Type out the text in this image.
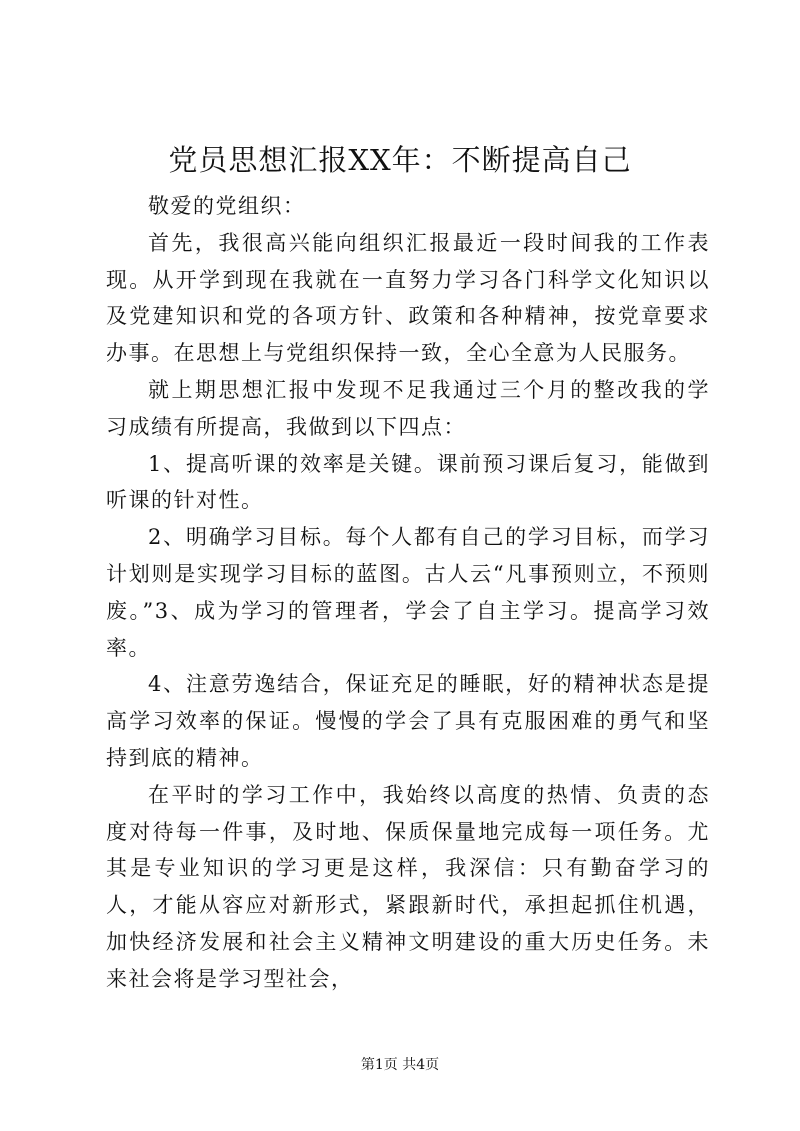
党员思想汇报XX年：不断提高自己

敬爱的党组织：

首先，我很高兴能向组织汇报最近一段时间我的工作表现。从开学到现在我就在一直努力学习各门科学文化知识以及党建知识和党的各项方针、政策和各种精神，按党章要求办事。在思想上与党组织保持一致，全心全意为人民服务。

就上期思想汇报中发现不足我通过三个月的整改我的学习成绩有所提高，我做到以下四点：

1、提高听课的效率是关键。课前预习课后复习，能做到听课的针对性。

2、明确学习目标。每个人都有自己的学习目标，而学习计划则是实现学习目标的蓝图。古人云“凡事预则立，不预则废。”3、成为学习的管理者，学会了自主学习。提高学习效率。

4、注意劳逸结合，保证充足的睡眠，好的精神状态是提高学习效率的保证。慢慢的学会了具有克服困难的勇气和坚持到底的精神。

在平时的学习工作中，我始终以高度的热情、负责的态度对待每一件事，及时地、保质保量地完成每一项任务。尤其是专业知识的学习更是这样，我深信：只有勤奋学习的人，才能从容应对新形式，紧跟新时代，承担起抓住机遇，加快经济发展和社会主义精神文明建设的重大历史任务。未来社会将是学习型社会，

第1页 共4页
